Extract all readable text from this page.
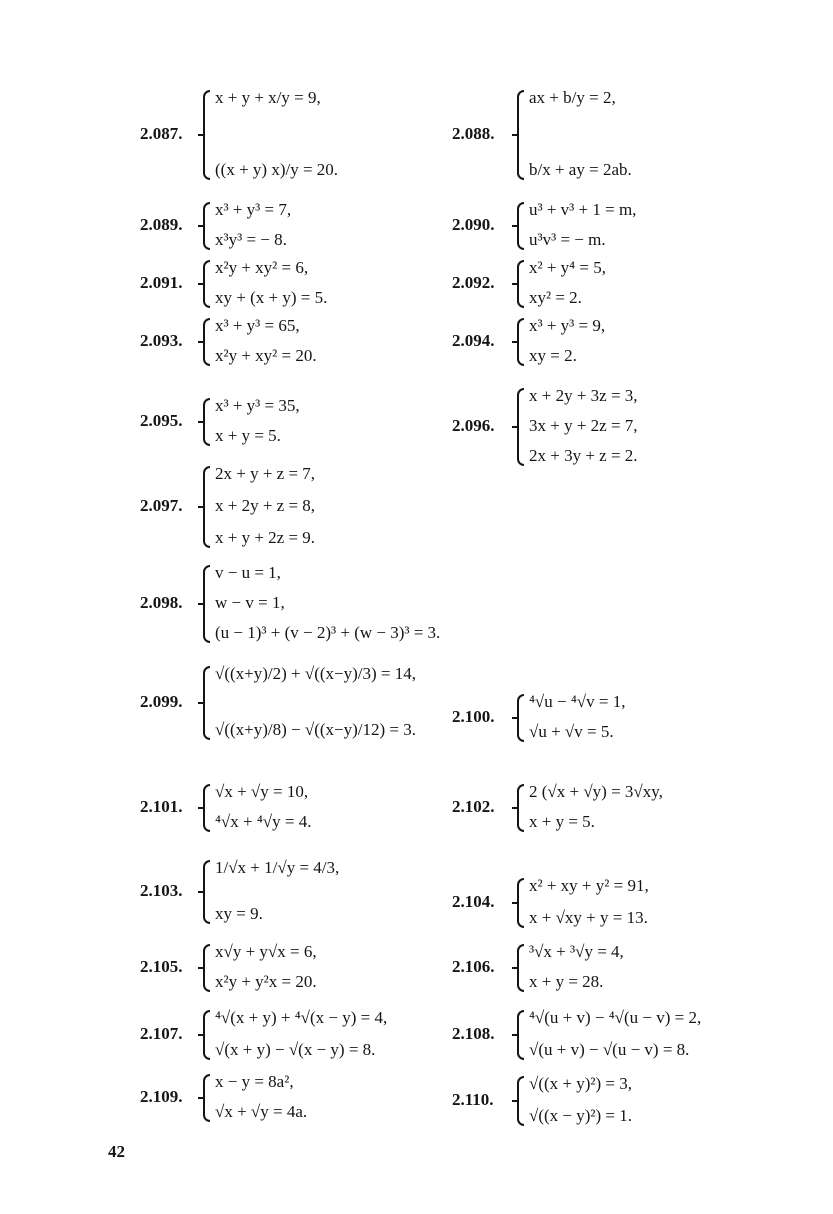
2.087.
x + y + x/y = 9,
((x + y) x)/y = 20.
2.088.
ax + b/y = 2,
b/x + ay = 2ab.
2.089.
x³ + y³ = 7,
x³y³ = − 8.
2.090.
u³ + v³ + 1 = m,
u³v³ = − m.
2.091.
x²y + xy² = 6,
xy + (x + y) = 5.
2.092.
x² + y⁴ = 5,
xy² = 2.
2.093.
x³ + y³ = 65,
x²y + xy² = 20.
2.094.
x³ + y³ = 9,
xy = 2.
2.095.
x³ + y³ = 35,
x + y = 5.
2.096.
x + 2y + 3z = 3,
3x + y + 2z = 7,
2x + 3y + z = 2.
2.097.
2x + y + z = 7,
x + 2y + z = 8,
x + y + 2z = 9.
2.098.
v − u = 1,
w − v = 1,
(u − 1)³ + (v − 2)³ + (w − 3)³ = 3.
2.099.
√((x+y)/2) + √((x−y)/3) = 14,
√((x+y)/8) − √((x−y)/12) = 3.
2.100.
⁴√u − ⁴√v = 1,
√u + √v = 5.
2.101.
√x + √y = 10,
⁴√x + ⁴√y = 4.
2.102.
2 (√x + √y) = 3√xy,
x + y = 5.
2.103.
1/√x + 1/√y = 4/3,
xy = 9.
2.104.
x² + xy + y² = 91,
x + √xy + y = 13.
2.105.
x√y + y√x = 6,
x²y + y²x = 20.
2.106.
³√x + ³√y = 4,
x + y = 28.
2.107.
⁴√(x + y) + ⁴√(x − y) = 4,
√(x + y) − √(x − y) = 8.
2.108.
⁴√(u + v) − ⁴√(u − v) = 2,
√(u + v) − √(u − v) = 8.
2.109.
x − y = 8a²,
√x + √y = 4a.
2.110.
√((x + y)²) = 3,
√((x − y)²) = 1.
42
